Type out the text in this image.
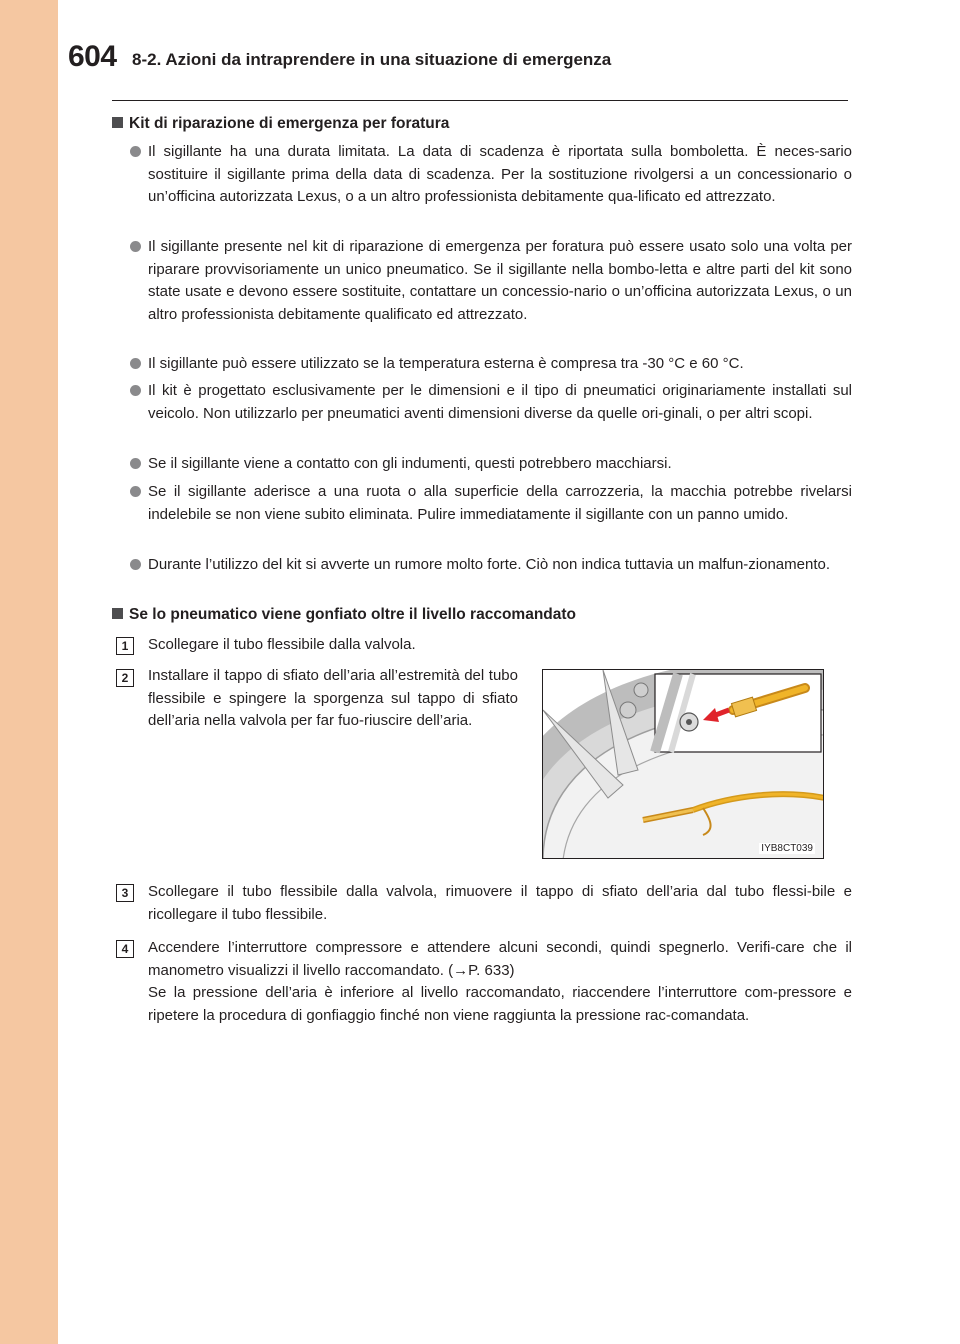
604 8-2. Azioni da intraprendere in una situazione di emergenza
Kit di riparazione di emergenza per foratura
Il sigillante ha una durata limitata. La data di scadenza è riportata sulla bomboletta. È neces-sario sostituire il sigillante prima della data di scadenza. Per la sostituzione rivolgersi a un concessionario o un’officina autorizzata Lexus, o a un altro professionista debitamente qua-lificato ed attrezzato.
Il sigillante presente nel kit di riparazione di emergenza per foratura può essere usato solo una volta per riparare provvisoriamente un unico pneumatico. Se il sigillante nella bombo-letta e altre parti del kit sono state usate e devono essere sostituite, contattare un concessio-nario o un’officina autorizzata Lexus, o un altro professionista debitamente qualificato ed attrezzato.
Il sigillante può essere utilizzato se la temperatura esterna è compresa tra -30 °C e 60 °C.
Il kit è progettato esclusivamente per le dimensioni e il tipo di pneumatici originariamente installati sul veicolo. Non utilizzarlo per pneumatici aventi dimensioni diverse da quelle ori-ginali, o per altri scopi.
Se il sigillante viene a contatto con gli indumenti, questi potrebbero macchiarsi.
Se il sigillante aderisce a una ruota o alla superficie della carrozzeria, la macchia potrebbe rivelarsi indelebile se non viene subito eliminata. Pulire immediatamente il sigillante con un panno umido.
Durante l’utilizzo del kit si avverte un rumore molto forte. Ciò non indica tuttavia un malfun-zionamento.
Se lo pneumatico viene gonfiato oltre il livello raccomandato
1	Scollegare il tubo flessibile dalla valvola.
2	Installare il tappo di sfiato dell’aria all’estremità del tubo flessibile e spingere la sporgenza sul tappo di sfiato dell’aria nella valvola per far fuo-riuscire dell’aria.
IYB8CT039
3	Scollegare il tubo flessibile dalla valvola, rimuovere il tappo di sfiato dell’aria dal tubo flessi-bile e ricollegare il tubo flessibile.
4	Accendere l’interruttore compressore e attendere alcuni secondi, quindi spegnerlo. Verifi-care che il manometro visualizzi il livello raccomandato. (→P. 633)
Se la pressione dell’aria è inferiore al livello raccomandato, riaccendere l’interruttore com-pressore e ripetere la procedura di gonfiaggio finché non viene raggiunta la pressione rac-comandata.
